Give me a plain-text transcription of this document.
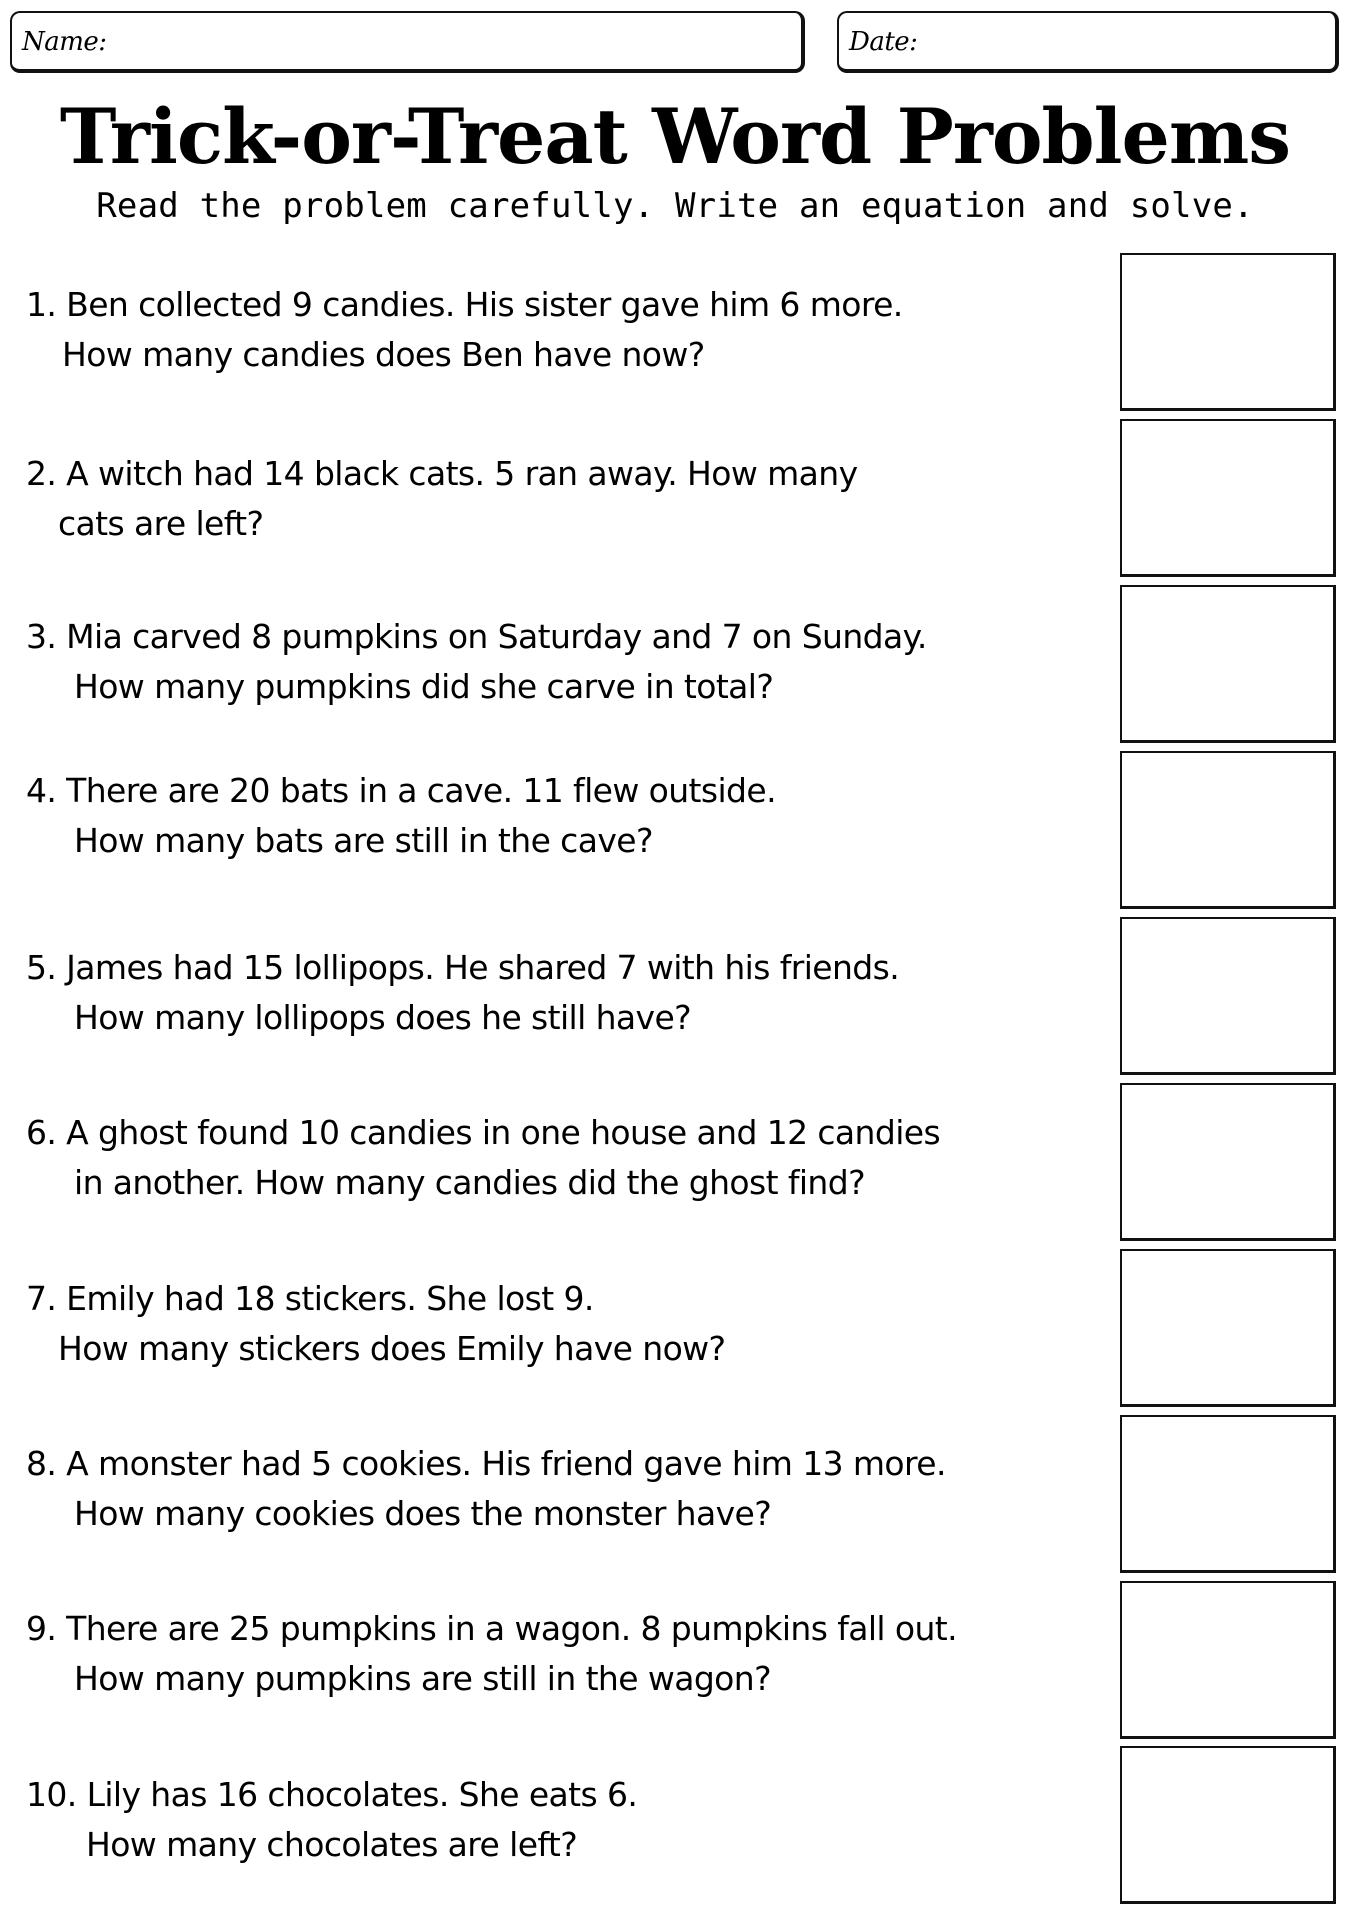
Name:	Date:
Trick-or-Treat Word Problems
Read the problem carefully. Write an equation and solve.
1. Ben collected 9 candies. His sister gave him 6 more.
How many candies does Ben have now?
2. A witch had 14 black cats. 5 ran away. How many
cats are left?
3. Mia carved 8 pumpkins on Saturday and 7 on Sunday.
How many pumpkins did she carve in total?
4. There are 20 bats in a cave. 11 flew outside.
How many bats are still in the cave?
5. James had 15 lollipops. He shared 7 with his friends.
How many lollipops does he still have?
6. A ghost found 10 candies in one house and 12 candies
in another. How many candies did the ghost find?
7. Emily had 18 stickers. She lost 9.
How many stickers does Emily have now?
8. A monster had 5 cookies. His friend gave him 13 more.
How many cookies does the monster have?
9. There are 25 pumpkins in a wagon. 8 pumpkins fall out.
How many pumpkins are still in the wagon?
10. Lily has 16 chocolates. She eats 6.
How many chocolates are left?
